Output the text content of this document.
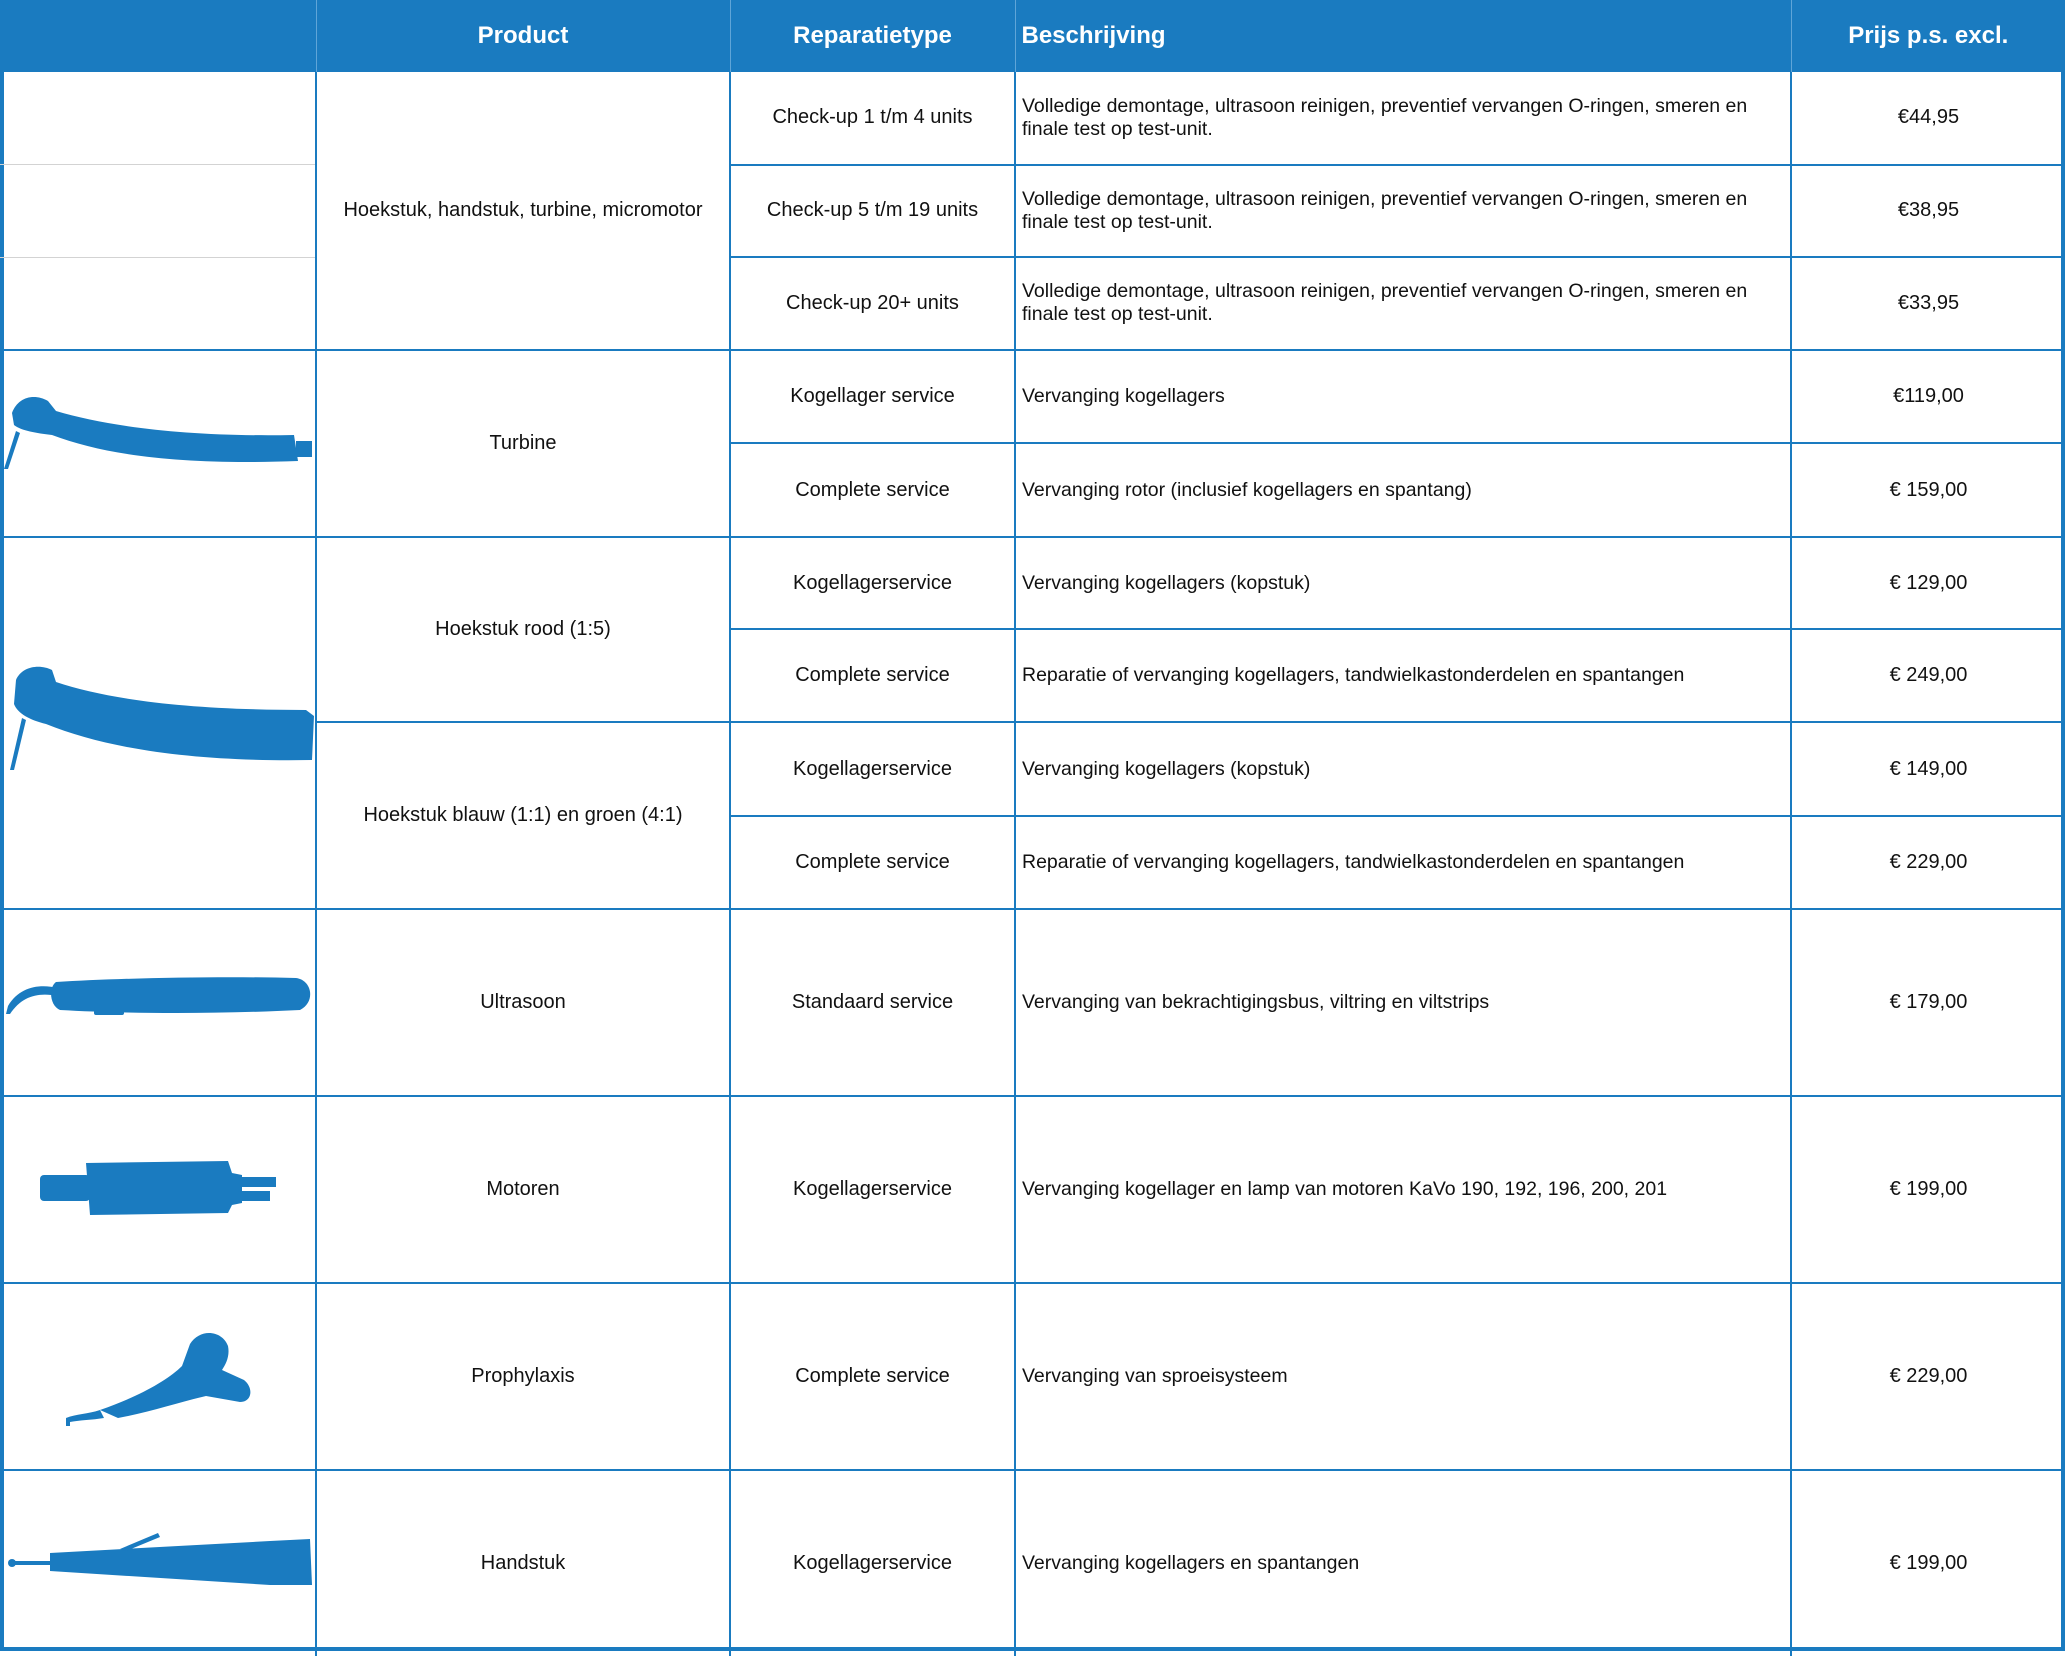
	Product	Reparatietype	Beschrijving	Prijs p.s. excl.
	Hoekstuk, handstuk, turbine, micromotor	Check-up 1 t/m 4 units	Volledige demontage, ultrasoon reinigen, preventief vervangen O-ringen, smeren en finale test op test-unit.	€44,95
		Check-up 5 t/m 19 units	Volledige demontage, ultrasoon reinigen, preventief vervangen O-ringen, smeren en finale test op test-unit.	€38,95
		Check-up 20+ units	Volledige demontage, ultrasoon reinigen, preventief vervangen O-ringen, smeren en finale test op test-unit.	€33,95

	Turbine	Kogellager service	Vervanging kogellagers	€119,00
		Complete service	Vervanging rotor (inclusief kogellagers en spantang)	€ 159,00

	Hoekstuk rood (1:5)	Kogellagerservice	Vervanging kogellagers (kopstuk)	€ 129,00
		Complete service	Reparatie of vervanging kogellagers, tandwielkastonderdelen en spantangen	€ 249,00
	Hoekstuk blauw (1:1) en groen (4:1)	Kogellagerservice	Vervanging kogellagers (kopstuk)	€ 149,00
		Complete service	Reparatie of vervanging kogellagers, tandwielkastonderdelen en spantangen	€ 229,00

	Ultrasoon	Standaard service	Vervanging van bekrachtigingsbus, viltring en viltstrips	€ 179,00

	Motoren	Kogellagerservice	Vervanging kogellager en lamp van motoren KaVo 190, 192, 196, 200, 201	€ 199,00

	Prophylaxis	Complete service	Vervanging van sproeisysteem	€ 229,00

	Handstuk	Kogellagerservice	Vervanging kogellagers en spantangen	€ 199,00
